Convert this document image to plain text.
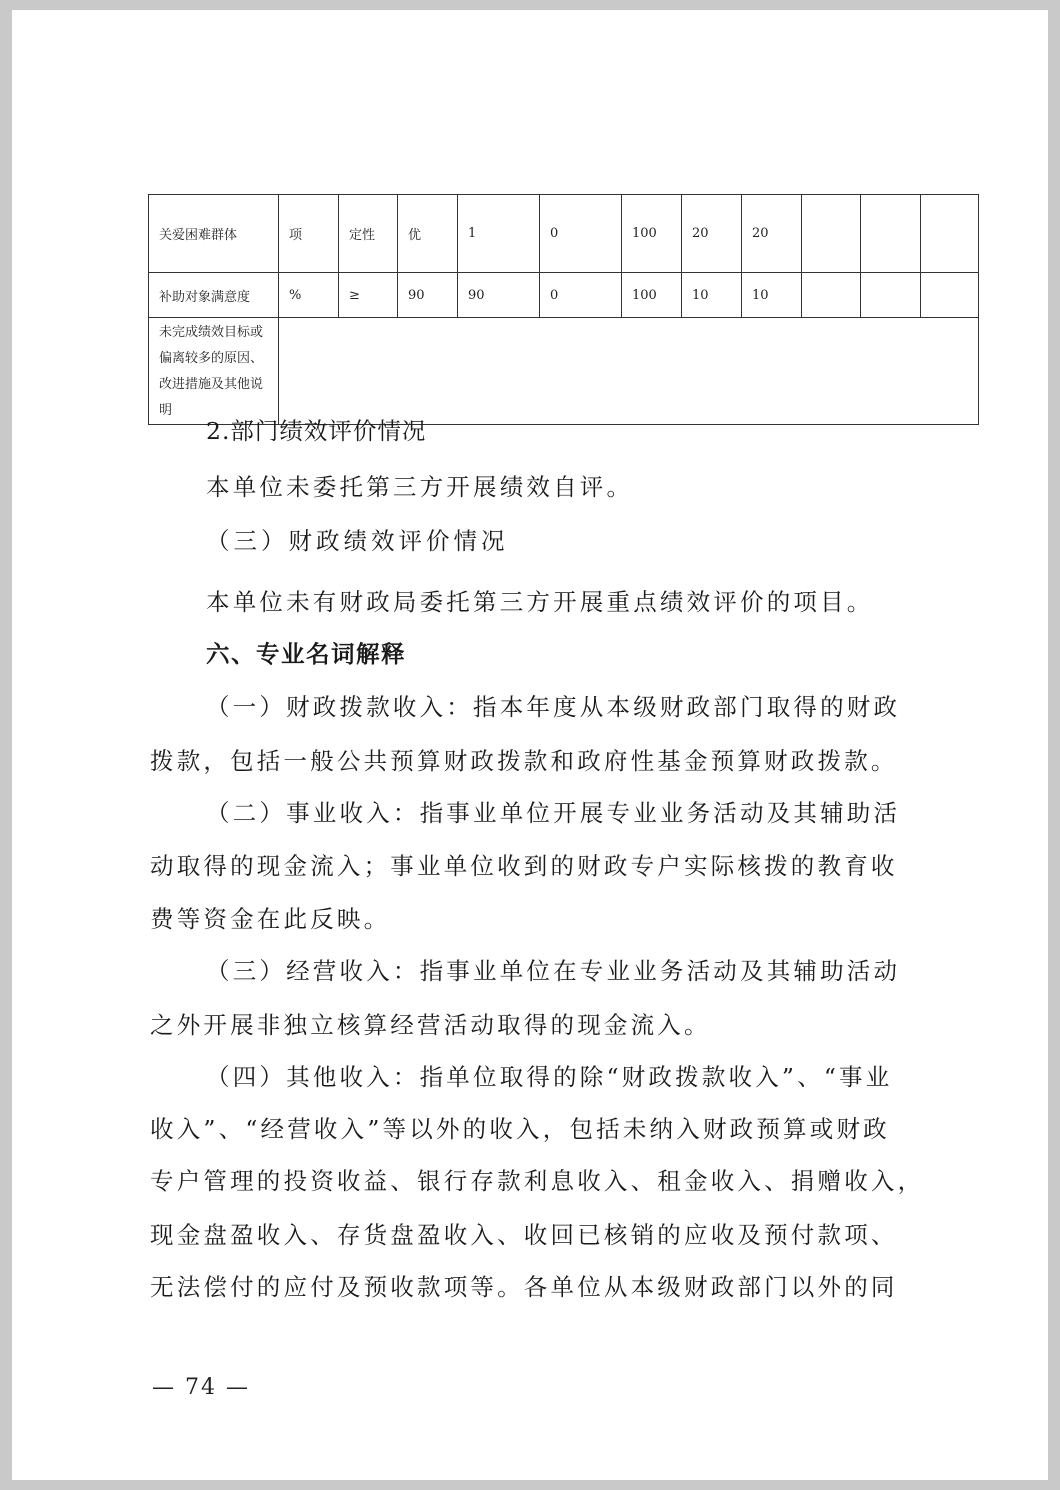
关爱困难群体	项	定性	优	1	0	100	20	20			
补助对象满意度	%	≥	90	90	0	100	10	10			
未完成绩效目标或偏离较多的原因、改进措施及其他说明											
2.部门绩效评价情况
本单位未委托第三方开展绩效自评。
（三）财政绩效评价情况
本单位未有财政局委托第三方开展重点绩效评价的项目。
六、专业名词解释
（一）财政拨款收入：指本年度从本级财政部门取得的财政
拨款，包括一般公共预算财政拨款和政府性基金预算财政拨款。
（二）事业收入：指事业单位开展专业业务活动及其辅助活
动取得的现金流入；事业单位收到的财政专户实际核拨的教育收
费等资金在此反映。
（三）经营收入：指事业单位在专业业务活动及其辅助活动
之外开展非独立核算经营活动取得的现金流入。
（四）其他收入：指单位取得的除“财政拨款收入”、“事业
收入”、“经营收入”等以外的收入，包括未纳入财政预算或财政
专户管理的投资收益、银行存款利息收入、租金收入、捐赠收入，
现金盘盈收入、存货盘盈收入、收回已核销的应收及预付款项、
无法偿付的应付及预收款项等。各单位从本级财政部门以外的同
— 74 —
